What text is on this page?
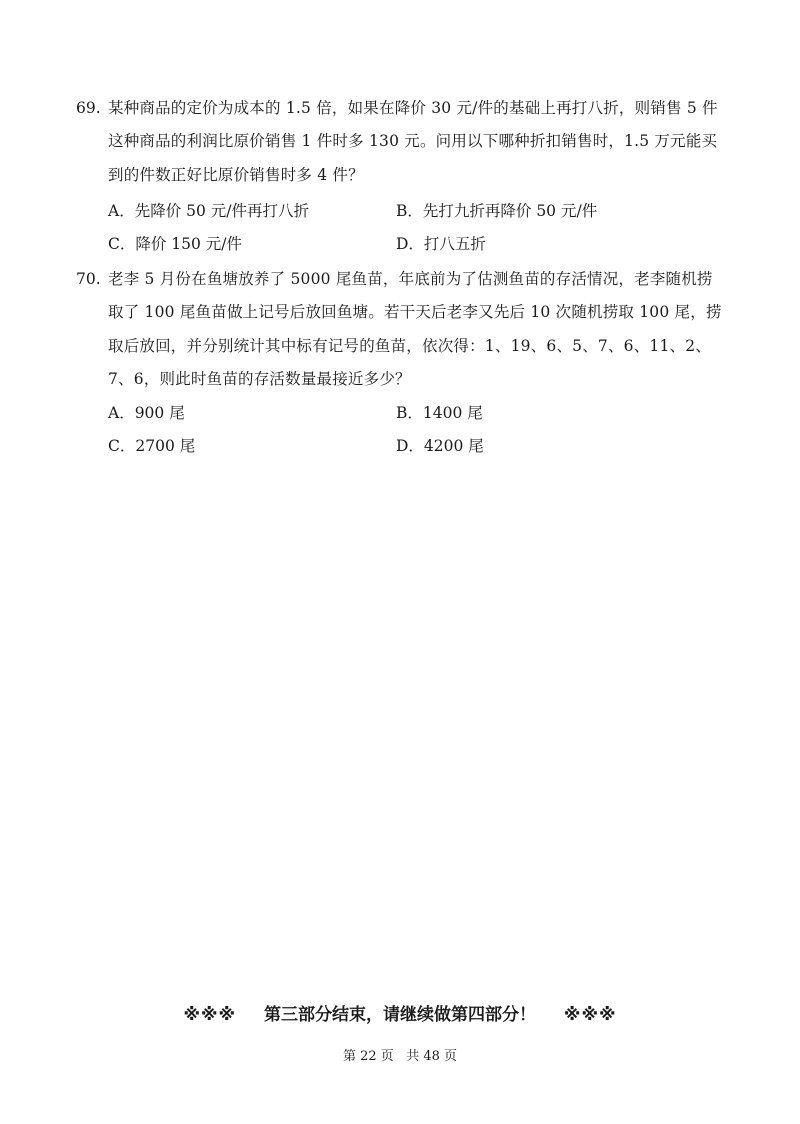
69. 某种商品的定价为成本的 1.5 倍，如果在降价 30 元/件的基础上再打八折，则销售 5 件
这种商品的利润比原价销售 1 件时多 130 元。问用以下哪种折扣销售时，1.5 万元能买
到的件数正好比原价销售时多 4 件？
A．先降价 50 元/件再打八折	B．先打九折再降价 50 元/件
C．降价 150 元/件	D．打八五折
70. 老李 5 月份在鱼塘放养了 5000 尾鱼苗，年底前为了估测鱼苗的存活情况，老李随机捞
取了 100 尾鱼苗做上记号后放回鱼塘。若干天后老李又先后 10 次随机捞取 100 尾，捞
取后放回，并分别统计其中标有记号的鱼苗，依次得：1、19、6、5、7、6、11、2、
7、6，则此时鱼苗的存活数量最接近多少？
A．900 尾	B．1400 尾
C．2700 尾	D．4200 尾
※※※ 第三部分结束，请继续做第四部分！ ※※※
第 22 页   共 48 页
